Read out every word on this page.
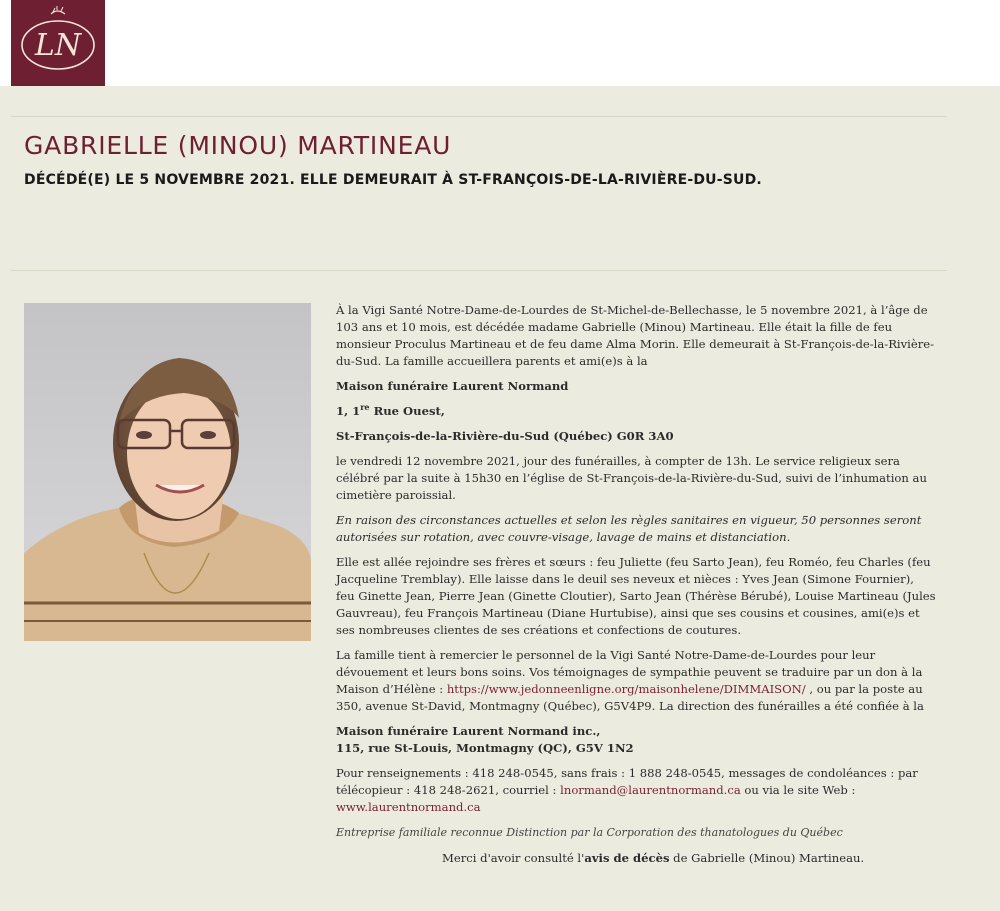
LN
GABRIELLE (MINOU) MARTINEAU
DÉCÉDÉ(E) LE 5 NOVEMBRE 2021. ELLE DEMEURAIT À ST-FRANÇOIS-DE-LA-RIVIÈRE-DU-SUD.

À la Vigi Santé Notre-Dame-de-Lourdes de St-Michel-de-Bellechasse, le 5 novembre 2021, à l’âge de 103 ans et 10 mois, est décédée madame Gabrielle (Minou) Martineau. Elle était la fille de feu monsieur Proculus Martineau et de feu dame Alma Morin. Elle demeurait à St-François-de-la-Rivière-du-Sud. La famille accueillera parents et ami(e)s à la

Maison funéraire Laurent Normand

1, 1re Rue Ouest,

St-François-de-la-Rivière-du-Sud (Québec) G0R 3A0

le vendredi 12 novembre 2021, jour des funérailles, à compter de 13h. Le service religieux sera célébré par la suite à 15h30 en l’église de St-François-de-la-Rivière-du-Sud, suivi de l’inhumation au cimetière paroissial.

En raison des circonstances actuelles et selon les règles sanitaires en vigueur, 50 personnes seront autorisées sur rotation, avec couvre-visage, lavage de mains et distanciation.

Elle est allée rejoindre ses frères et sœurs : feu Juliette (feu Sarto Jean), feu Roméo, feu Charles (feu Jacqueline Tremblay). Elle laisse dans le deuil ses neveux et nièces : Yves Jean (Simone Fournier), feu Ginette Jean, Pierre Jean (Ginette Cloutier), Sarto Jean (Thérèse Bérubé), Louise Martineau (Jules Gauvreau), feu François Martineau (Diane Hurtubise), ainsi que ses cousins et cousines, ami(e)s et ses nombreuses clientes de ses créations et confections de coutures.

La famille tient à remercier le personnel de la Vigi Santé Notre-Dame-de-Lourdes pour leur dévouement et leurs bons soins. Vos témoignages de sympathie peuvent se traduire par un don à la Maison d’Hélène : https://www.jedonneenligne.org/maisonhelene/DIMMAISON/ , ou par la poste au 350, avenue St-David, Montmagny (Québec), G5V4P9. La direction des funérailles a été confiée à la

Maison funéraire Laurent Normand inc.,

115, rue St-Louis, Montmagny (QC), G5V 1N2

Pour renseignements : 418 248-0545, sans frais : 1 888 248-0545, messages de condoléances : par télécopieur : 418 248-2621, courriel : lnormand@laurentnormand.ca ou via le site Web :
www.laurentnormand.ca

Entreprise familiale reconnue Distinction par la Corporation des thanatologues du Québec

Merci d'avoir consulté l'avis de décès de Gabrielle (Minou) Martineau.
